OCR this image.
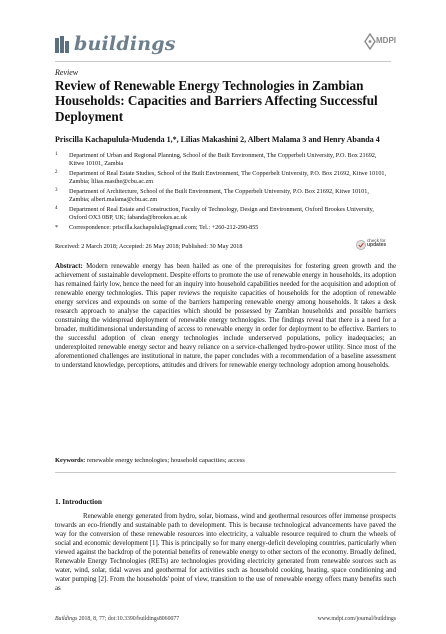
buildings	MDPI
Review
Review of Renewable Energy Technologies in Zambian Households: Capacities and Barriers Affecting Successful Deployment
Priscilla Kachapulula-Mudenda 1,*, Lilias Makashini 2, Albert Malama 3 and Henry Abanda 4
1 Department of Urban and Regional Planning, School of the Built Environment, The Copperbelt University, P.O. Box 21692, Kitwe 10101, Zambia
2 Department of Real Estate Studies, School of the Built Environment, The Copperbelt University, P.O. Box 21692, Kitwe 10101, Zambia; lilias.masihe@cbu.ac.zm
3 Department of Architecture, School of the Built Environment, The Copperbelt University, P.O. Box 21692, Kitwe 10101, Zambia; albert.malama@cbu.ac.zm
4 Department of Real Estate and Construction, Faculty of Technology, Design and Environment, Oxford Brookes University, Oxford OX3 0BP, UK; fabanda@brookes.ac.uk
* Correspondence: priscilla.kachapulula@gmail.com; Tel.: +260-212-290-855
Received: 2 March 2018; Accepted: 26 May 2018; Published: 30 May 2018
check for
updates
Abstract: Modern renewable energy has been hailed as one of the prerequisites for fostering green growth and the achievement of sustainable development. Despite efforts to promote the use of renewable energy in households, its adoption has remained fairly low, hence the need for an inquiry into household capabilities needed for the acquisition and adoption of renewable energy technologies. This paper reviews the requisite capacities of households for the adoption of renewable energy services and expounds on some of the barriers hampering renewable energy among households. It takes a desk research approach to analyse the capacities which should be possessed by Zambian households and possible barriers constraining the widespread deployment of renewable energy technologies. The findings reveal that there is a need for a broader, multidimensional understanding of access to renewable energy in order for deployment to be effective. Barriers to the successful adoption of clean energy technologies include underserved populations, policy inadequacies; an underexploited renewable energy sector and heavy reliance on a service-challenged hydro-power utility. Since most of the aforementioned challenges are institutional in nature, the paper concludes with a recommendation of a baseline assessment to understand knowledge, perceptions, attitudes and drivers for renewable energy technology adoption among households.
Keywords: renewable energy technologies; household capacities; access
1. Introduction
Renewable energy generated from hydro, solar, biomass, wind and geothermal resources offer immense prospects towards an eco-friendly and sustainable path to development. This is because technological advancements have paved the way for the conversion of these renewable resources into electricity, a valuable resource required to churn the wheels of social and economic development [1]. This is principally so for many energy-deficit developing countries, particularly when viewed against the backdrop of the potential benefits of renewable energy to other sectors of the economy. Broadly defined, Renewable Energy Technologies (RETs) are technologies providing electricity generated from renewable sources such as water, wind, solar, tidal waves and geothermal for activities such as household cooking, heating, space conditioning and water pumping [2]. From the households' point of view, transition to the use of renewable energy offers many benefits such as
Buildings 2018, 8, 77; doi:10.3390/buildings8060077	www.mdpi.com/journal/buildings
